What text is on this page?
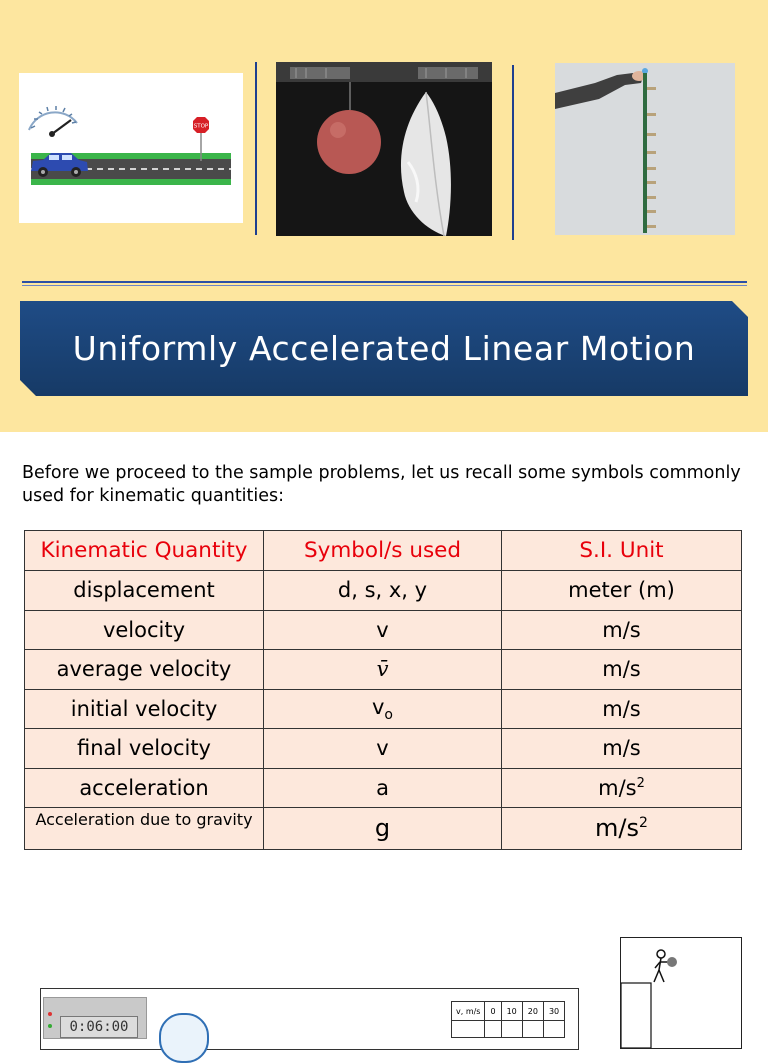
STOP
Uniformly Accelerated Linear Motion
Before we proceed to the sample problems, let us recall some symbols commonly used for kinematic quantities:
Kinematic Quantity	Symbol/s used	S.I. Unit
displacement	d, s, x, y	meter (m)
velocity	v	m/s
average velocity	v̄	m/s
initial velocity	$v_o$	m/s
final velocity	v	m/s
acceleration	a	$m/s^2$
Acceleration due to gravity	g	$m/s^2$
0:06:00
v, m/s	0	10	20	30
